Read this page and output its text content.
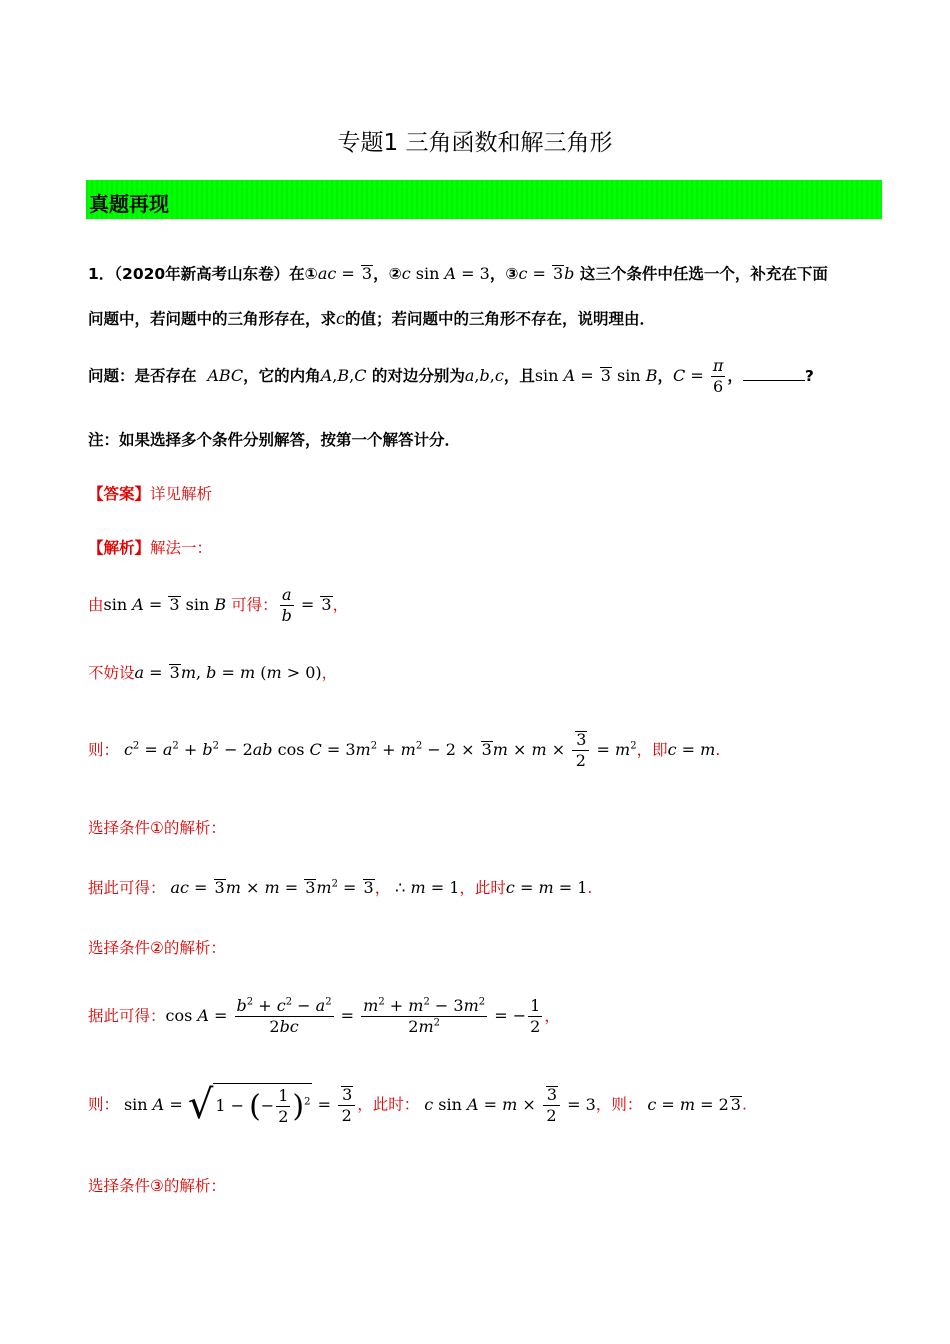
专题1 三角函数和解三角形
真题再现
1．（2020年新高考山东卷）在①ac = 3，②c sin A = 3，③c = 3b 这三个条件中任选一个，补充在下面
问题中，若问题中的三角形存在，求c的值；若问题中的三角形不存在，说明理由．
问题：是否存在 ABC，它的内角A,B,C 的对边分别为a,b,c，且sin A = 3 sin B，$C = \frac{\pi}{6}$ ，	?
注：如果选择多个条件分别解答，按第一个解答计分．
【答案】详见解析
【解析】解法一：
由sin A = 3 sin B 可得： $\frac{a}{b} = 3$，
不妨设a = 3m, b = m (m > 0)，
则： $c^2 = a^2 + b^2 - 2ab$ $\cos C = 3m^2 + m^2 - 2 \times 3m \times m \times \frac{3}{2} = m^2$，即c = m.
选择条件①的解析：
据此可得： ac = $3m \times m = 3m^2 = 3$， ∴ m = 1，此时c = m = 1.
选择条件②的解析：
据此可得：$\cos A = \frac{b^2 + c^2 - a^2}{2bc} = \frac{m^2 + m^2 - 3m^2}{2m^2}$ = − $\frac{1}{2}$ ，
则： sin A = √ 1 − (− $\frac{1}{2} )^2 = \frac{3}{2}$ ，此时： c $\sin A = m \times \frac{3}{2} = 3$，则： c = m = 2 3.
选择条件③的解析：
